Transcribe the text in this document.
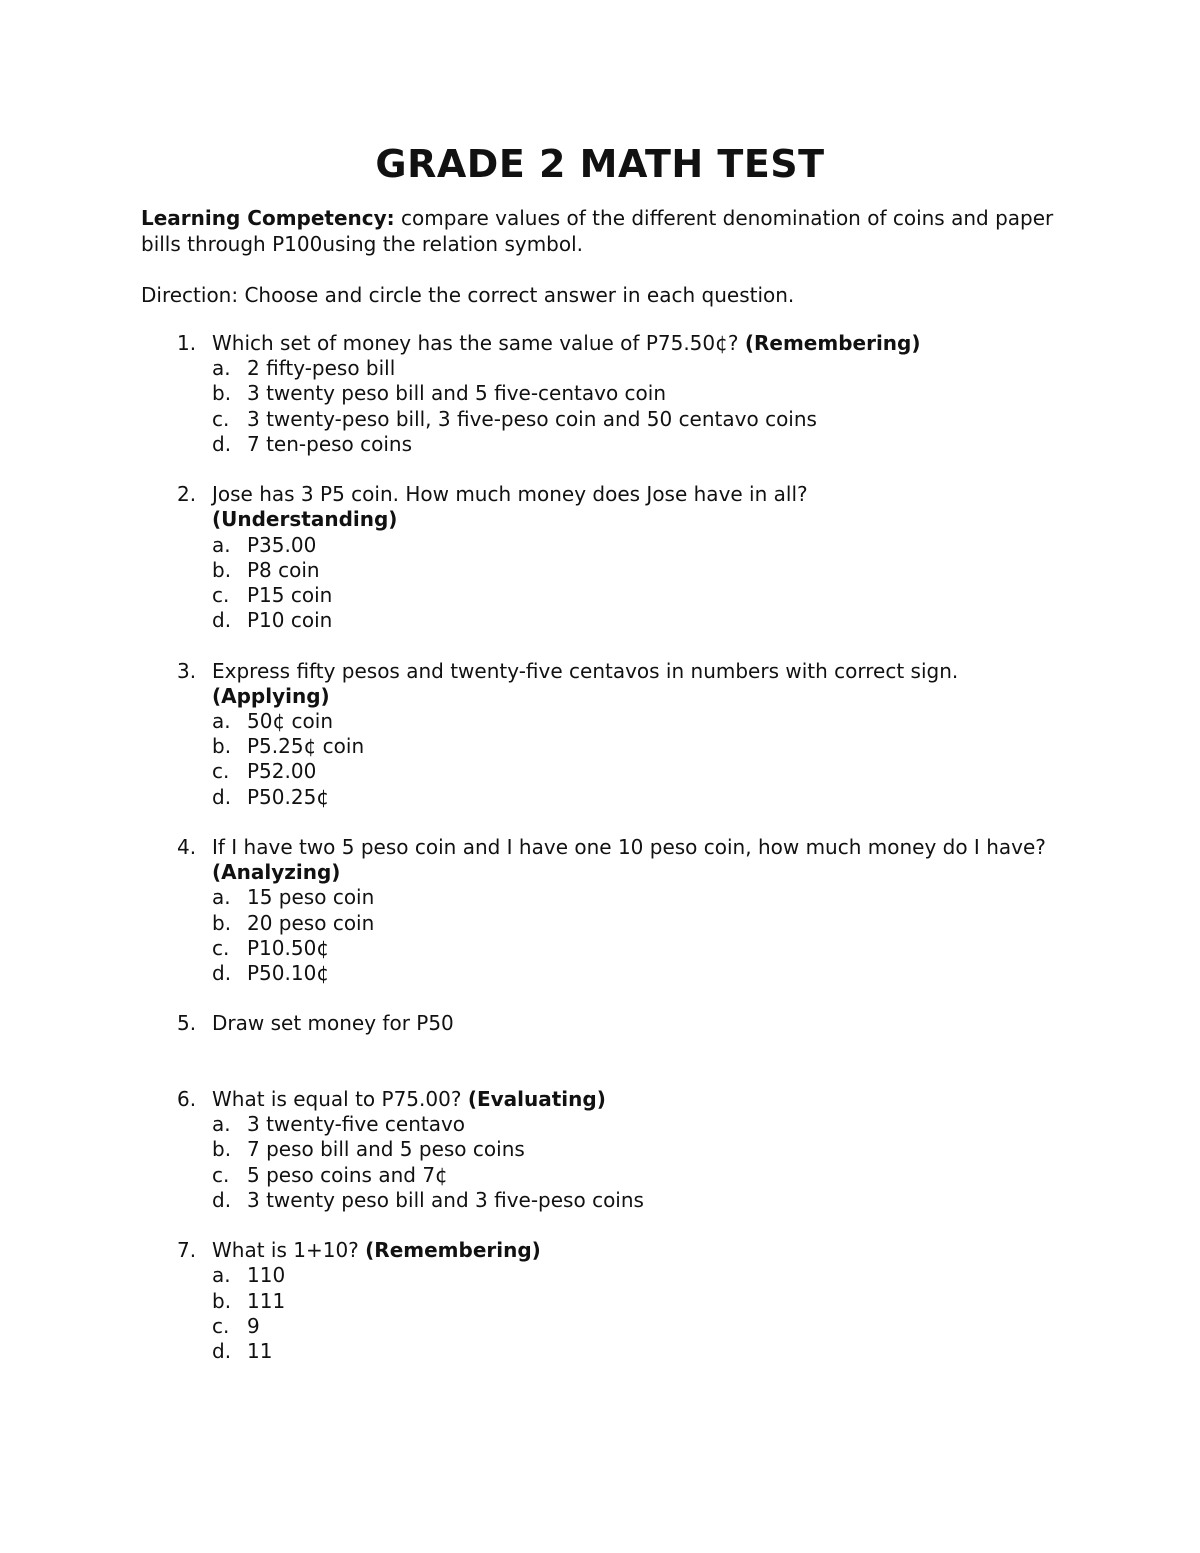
GRADE 2 MATH TEST
Learning Competency: compare values of the different denomination of coins and paper bills through P100using the relation symbol.
Direction: Choose and circle the correct answer in each question.
1. Which set of money has the same value of P75.50¢? (Remembering)
a. 2 fifty-peso bill
b. 3 twenty peso bill and 5 five-centavo coin
c. 3 twenty-peso bill, 3 five-peso coin and 50 centavo coins
d. 7 ten-peso coins
2. Jose has 3 P5 coin. How much money does Jose have in all?
(Understanding)
a. P35.00
b. P8 coin
c. P15 coin
d. P10 coin
3. Express fifty pesos and twenty-five centavos in numbers with correct sign.
(Applying)
a. 50¢ coin
b. P5.25¢ coin
c. P52.00
d. P50.25¢
4. If I have two 5 peso coin and I have one 10 peso coin, how much money do I have? (Analyzing)
a. 15 peso coin
b. 20 peso coin
c. P10.50¢
d. P50.10¢
5. Draw set money for P50
6. What is equal to P75.00? (Evaluating)
a. 3 twenty-five centavo
b. 7 peso bill and 5 peso coins
c. 5 peso coins and 7¢
d. 3 twenty peso bill and 3 five-peso coins
7. What is 1+10? (Remembering)
a. 110
b. 111
c. 9
d. 11
